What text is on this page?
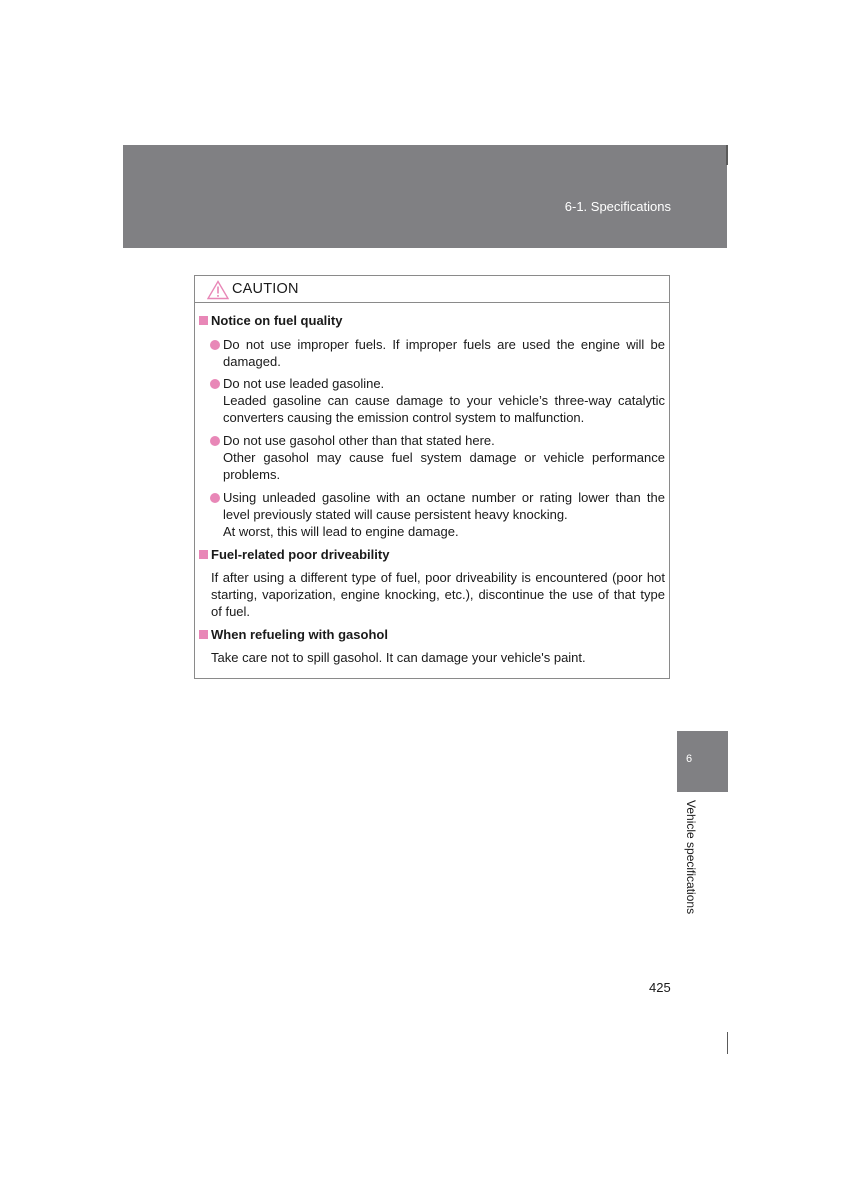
6-1. Specifications
CAUTION
Notice on fuel quality
Do not use improper fuels. If improper fuels are used the engine will be damaged.
Do not use leaded gasoline.
Leaded gasoline can cause damage to your vehicle’s three-way catalytic converters causing the emission control system to malfunction.
Do not use gasohol other than that stated here.
Other gasohol may cause fuel system damage or vehicle performance problems.
Using unleaded gasoline with an octane number or rating lower than the level previously stated will cause persistent heavy knocking.
At worst, this will lead to engine damage.
Fuel-related poor driveability
If after using a different type of fuel, poor driveability is encountered (poor hot starting, vaporization, engine knocking, etc.), discontinue the use of that type of fuel.
When refueling with gasohol
Take care not to spill gasohol. It can damage your vehicle's paint.
6
Vehicle specifications
425
